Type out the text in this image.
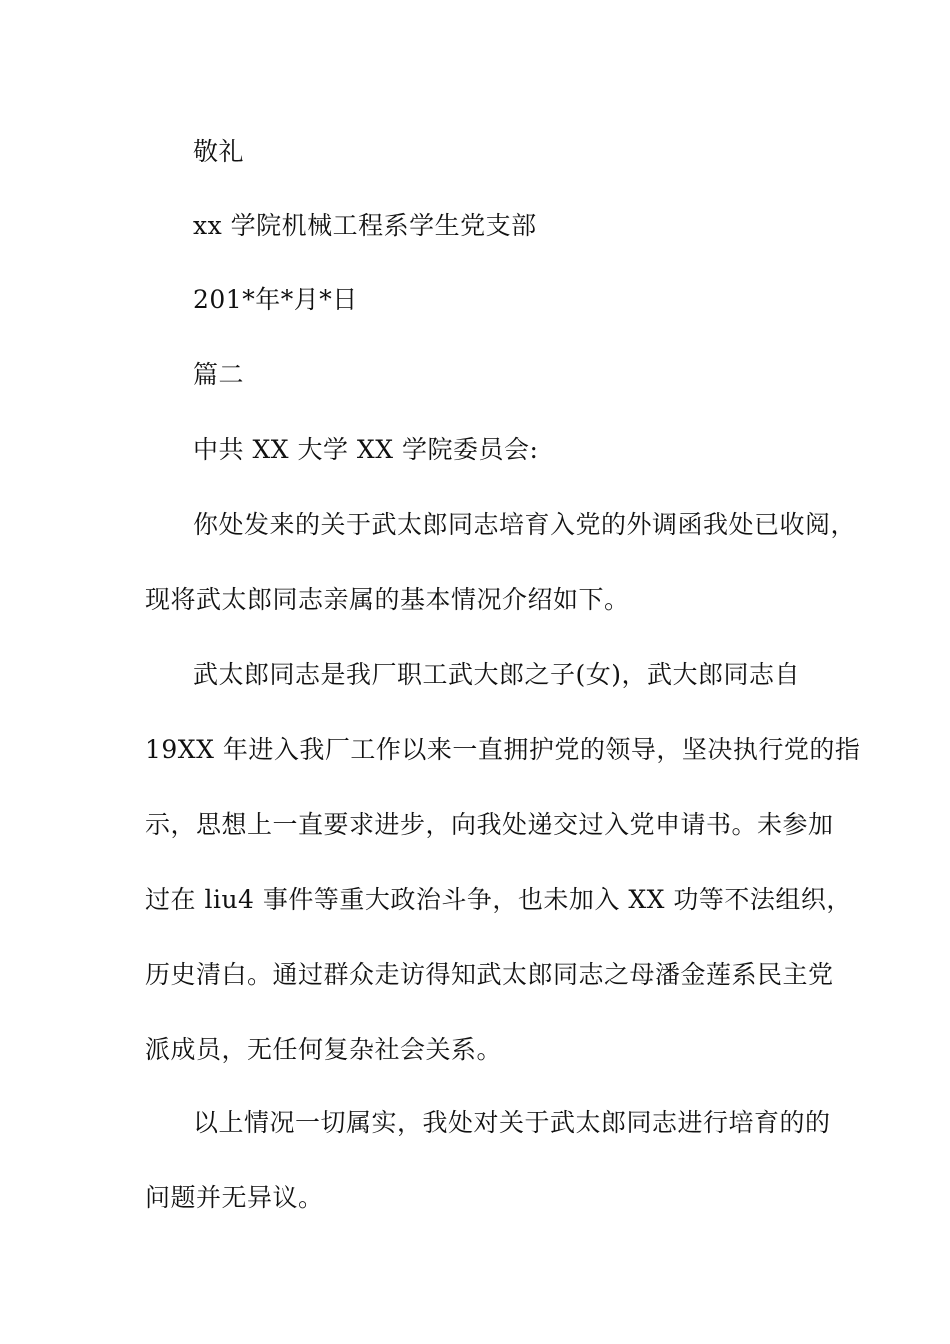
敬礼
xx 学院机械工程系学生党支部
201*年*月*日
篇二
中共 XX 大学 XX 学院委员会:
你处发来的关于武太郎同志培育入党的外调函我处已收阅，
现将武太郎同志亲属的基本情况介绍如下。
武太郎同志是我厂职工武大郎之子(女)，武大郎同志自
19XX 年进入我厂工作以来一直拥护党的领导，坚决执行党的指
示，思想上一直要求进步，向我处递交过入党申请书。未参加
过在 liu4 事件等重大政治斗争，也未加入 XX 功等不法组织，
历史清白。通过群众走访得知武太郎同志之母潘金莲系民主党
派成员，无任何复杂社会关系。
以上情况一切属实，我处对关于武太郎同志进行培育的的
问题并无异议。
